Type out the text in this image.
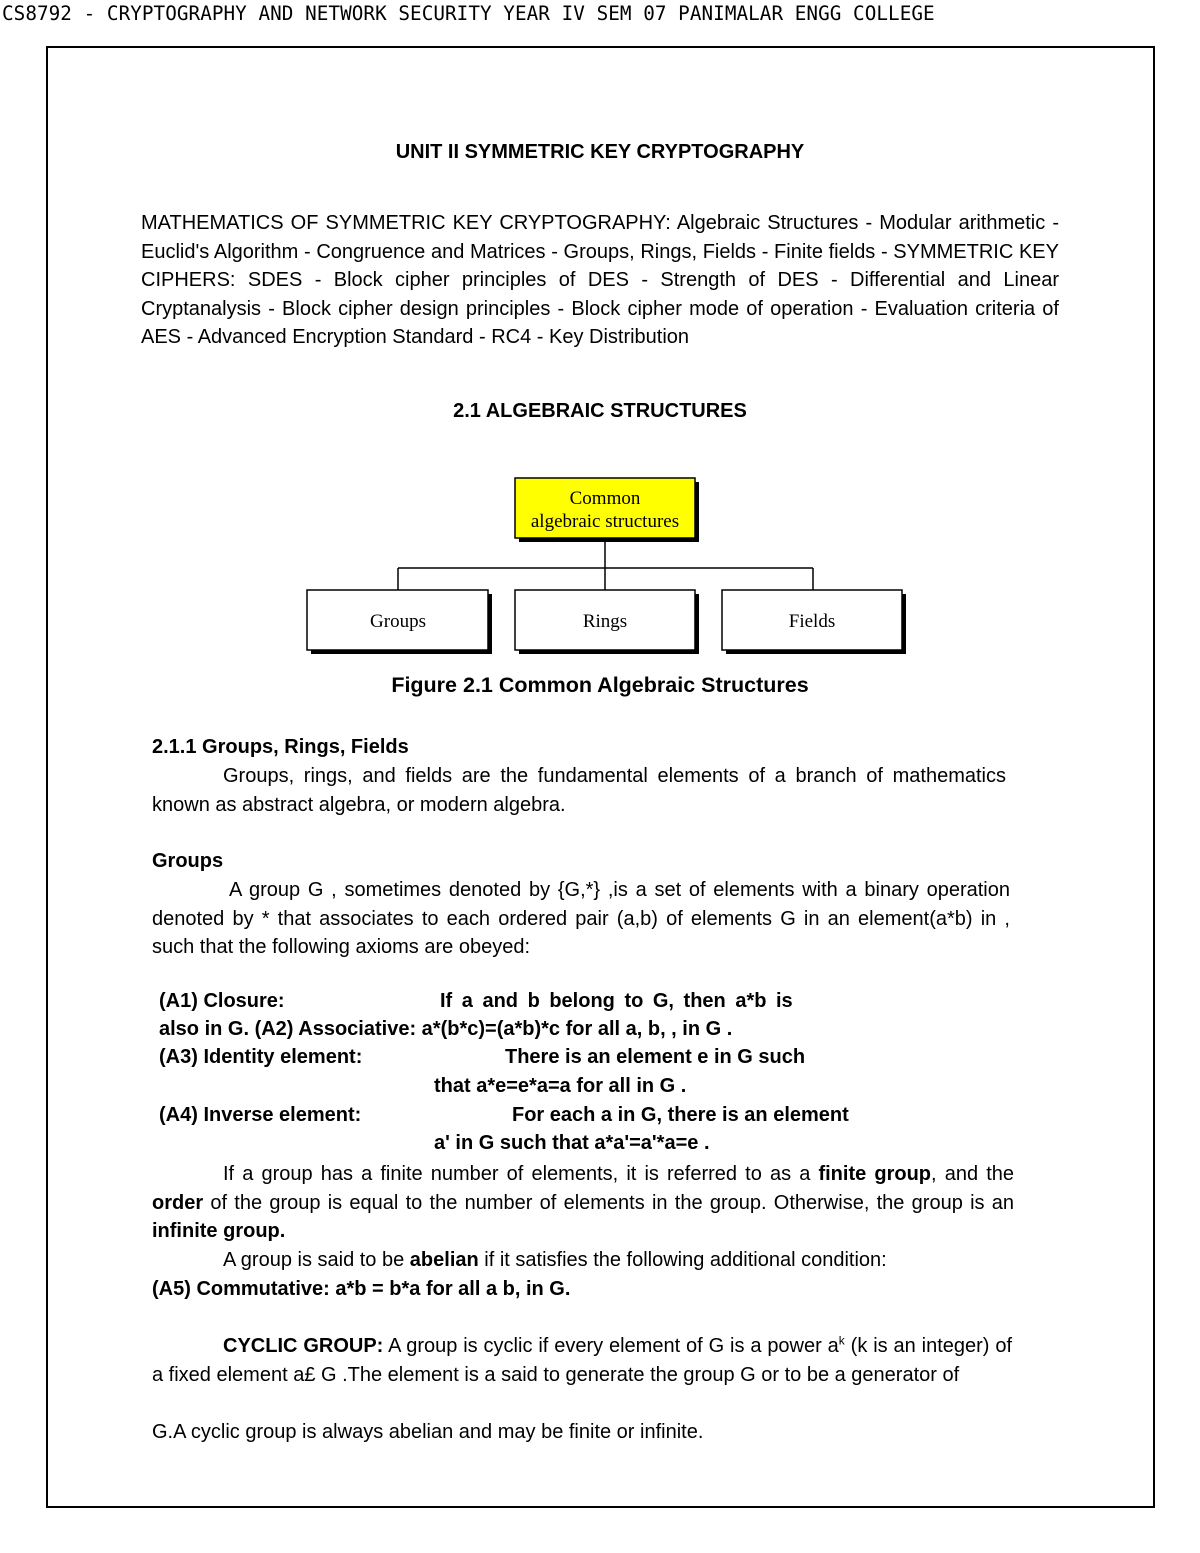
CS8792 - CRYPTOGRAPHY AND NETWORK SECURITY YEAR IV SEM 07 PANIMALAR ENGG COLLEGE
UNIT II SYMMETRIC KEY CRYPTOGRAPHY
MATHEMATICS OF SYMMETRIC KEY CRYPTOGRAPHY: Algebraic Structures - Modular arithmetic - Euclid's Algorithm - Congruence and Matrices - Groups, Rings, Fields - Finite fields - SYMMETRIC KEY CIPHERS: SDES - Block cipher principles of DES - Strength of DES - Differential and Linear Cryptanalysis - Block cipher design principles - Block cipher mode of operation - Evaluation criteria of AES - Advanced Encryption Standard - RC4 - Key Distribution
2.1 ALGEBRAIC STRUCTURES
Common
algebraic structures
Groups	Rings	Fields
Figure 2.1 Common Algebraic Structures
2.1.1 Groups, Rings, Fields
Groups, rings, and fields are the fundamental elements of a branch of mathematics known as abstract algebra, or modern algebra.
Groups
A group G , sometimes denoted by {G,*} ,is a set of elements with a binary operation denoted by * that associates to each ordered pair (a,b) of elements G in an element(a*b) in , such that the following axioms are obeyed:
(A1) Closure:	If a and b belong to G, then a*b is
also in G. (A2) Associative: a*(b*c)=(a*b)*c for all a, b, , in G .
(A3) Identity element:	There is an element e in G such
that a*e=e*a=a for all in G .
(A4) Inverse element:	For each a in G, there is an element
a' in G such that a*a'=a'*a=e .
If a group has a finite number of elements, it is referred to as a finite group, and the order of the group is equal to the number of elements in the group. Otherwise, the group is an infinite group.
A group is said to be abelian if it satisfies the following additional condition:
(A5) Commutative: a*b = b*a for all a b, in G.
CYCLIC GROUP: A group is cyclic if every element of G is a power $a^k$ (k is an integer) of a fixed element a£ G .The element is a said to generate the group G or to be a generator of
G.A cyclic group is always abelian and may be finite or infinite.
